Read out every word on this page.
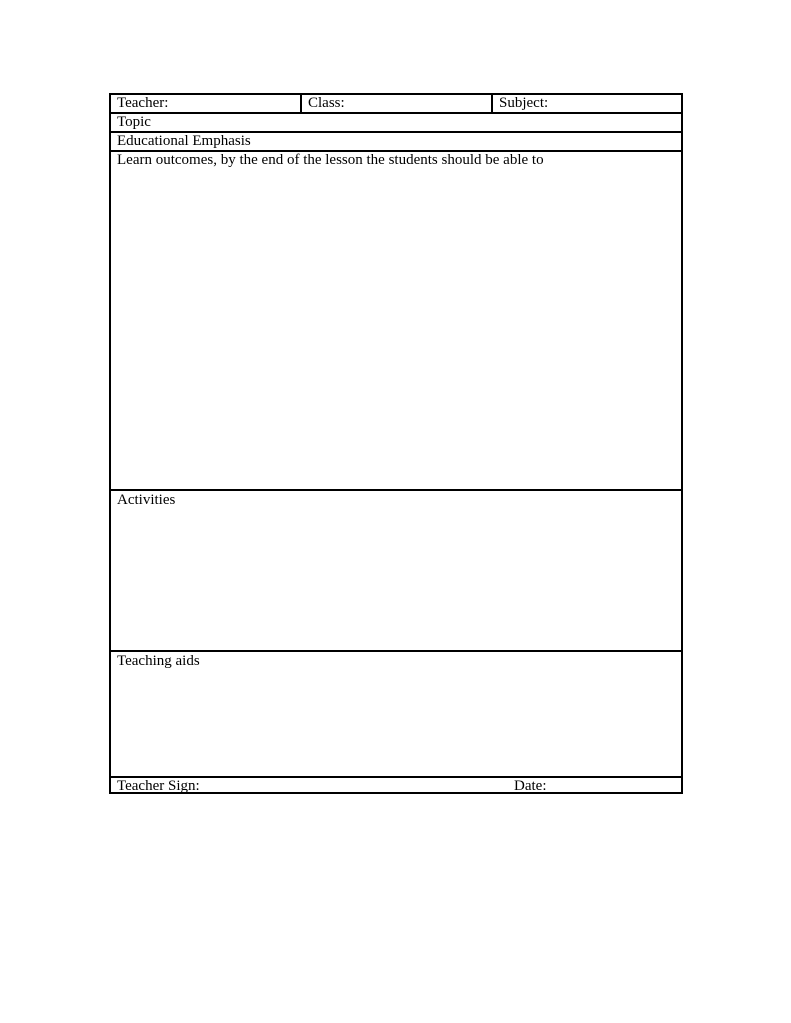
Teacher:	Class:	Subject:
Topic
Educational Emphasis
Learn outcomes, by the end of the lesson the students should be able to
Activities
Teaching aids
Teacher Sign:	Date:
